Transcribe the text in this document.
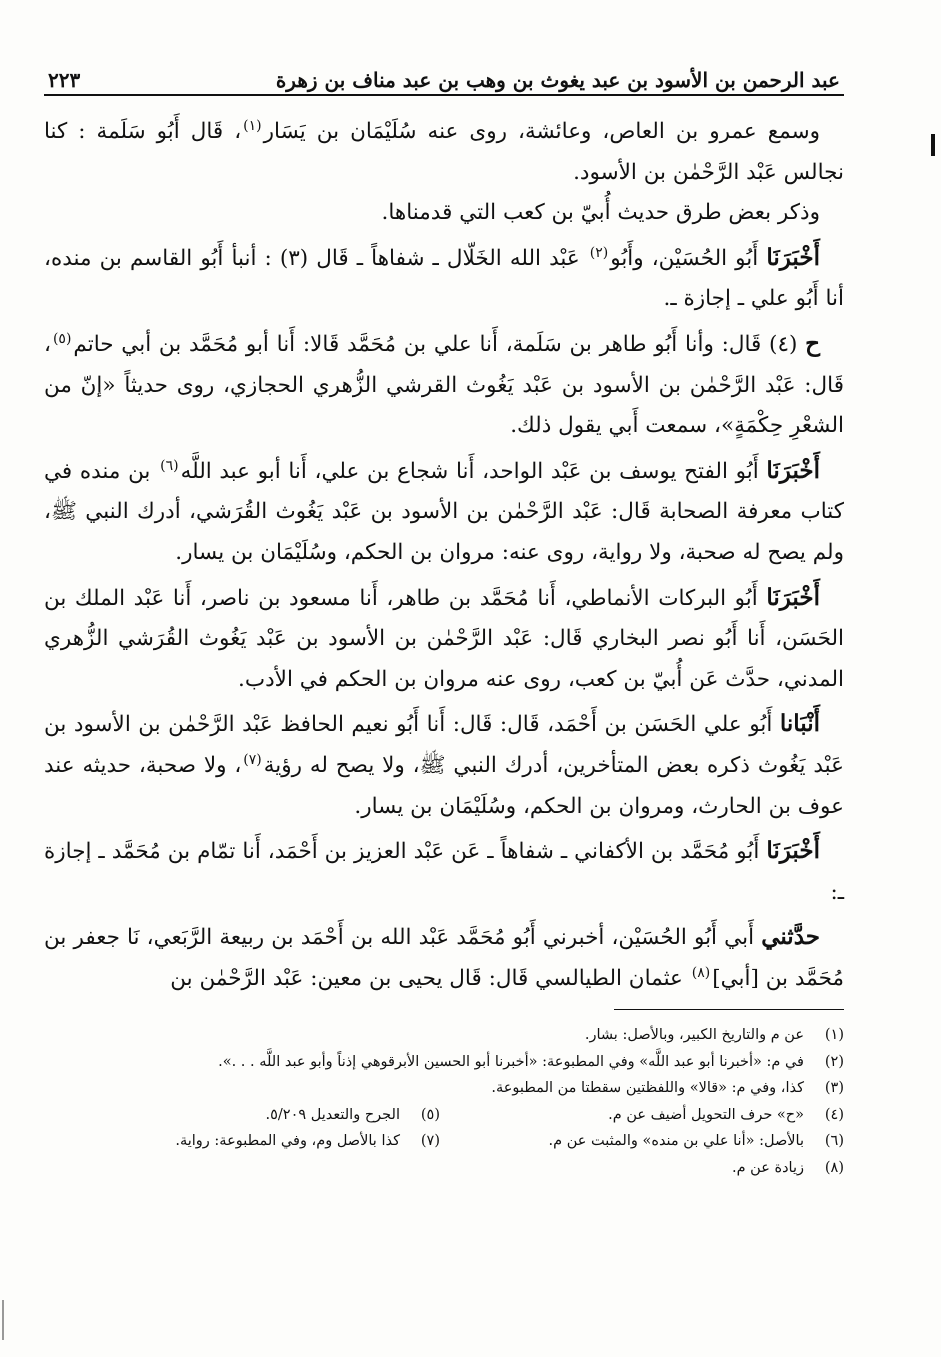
عبد الرحمن بن الأسود بن عبد يغوث بن وهب بن عبد مناف بن زهرة
٢٢٣

وسمع عمرو بن العاص، وعائشة، روى عنه سُلَيْمَان بن يَسَار$^{(١)}$، قَال أَبُو سَلَمة : كنا نجالس عَبْد الرَّحْمٰن بن الأسود.

وذكر بعض طرق حديث أُبيّ بن كعب التي قدمناها.

أَخْبَرَنَا أَبُو الحُسَيْن، وأَبُو$^{(٢)}$ عَبْد الله الخَلّال ـ شفاهاً ـ قَال (٣) : أنبأ أَبُو القاسم بن منده، أنا أَبُو علي ـ إجازة ـ.

ح (٤) قَال: وأنا أَبُو طاهر بن سَلَمة، أَنا علي بن مُحَمَّد قَالا: أَنا أبو مُحَمَّد بن أبي حاتم$^{(٥)}$، قَال: عَبْد الرَّحْمٰن بن الأسود بن عَبْد يَغُوث القرشي الزُّهري الحجازي، روى حديثاً «إنّ من الشعْرِ حِكْمَةٍ»، سمعت أَبي يقول ذلك.

أَخْبَرَنَا أَبُو الفتح يوسف بن عَبْد الواحد، أَنا شجاع بن علي، أَنا أبو عبد اللَّه$^{(٦)}$ بن منده في كتاب معرفة الصحابة قَال: عَبْد الرَّحْمٰن بن الأسود بن عَبْد يَغُوث القُرَشي، أدرك النبي ﷺ، ولم يصح له صحبة، ولا رواية، روى عنه: مروان بن الحكم، وسُلَيْمَان بن يسار.

أَخْبَرَنَا أَبُو البركات الأنماطي، أَنا مُحَمَّد بن طاهر، أَنا مسعود بن ناصر، أَنا عَبْد الملك بن الحَسَن، أَنا أَبُو نصر البخاري قَال: عَبْد الرَّحْمٰن بن الأسود بن عَبْد يَغُوث القُرَشي الزُّهري المدني، حدَّث عَن أُبيّ بن كعب، روى عنه مروان بن الحكم في الأدب.

أَنْبَانا أَبُو علي الحَسَن بن أَحْمَد، قَال: قَال: أَنا أَبُو نعيم الحافظ عَبْد الرَّحْمٰن بن الأسود بن عَبْد يَغُوث ذكره بعض المتأخرين، أدرك النبي ﷺ، ولا يصح له رؤية$^{(٧)}$، ولا صحبة، حديثه عند عوف بن الحارث، ومروان بن الحكم، وسُلَيْمَان بن يسار.

أَخْبَرَنَا أَبُو مُحَمَّد بن الأكفاني ـ شفاهاً ـ عَن عَبْد العزيز بن أَحْمَد، أَنا تمّام بن مُحَمَّد ـ إجازة ـ:

حدَّثني أَبي أَبُو الحُسَيْن، أخبرني أَبُو مُحَمَّد عَبْد الله بن أَحْمَد بن ربيعة الرَّبَعي، نَا جعفر بن مُحَمَّد بن [أبي]$^{(٨)}$ عثمان الطيالسي قَال: قَال يحيى بن معين: عَبْد الرَّحْمٰن بن

(١)
عن م والتاريخ الكبير، وبالأصل: بشار.
(٢)
في م: «أخبرنا أبو عبد اللَّه» وفي المطبوعة: «أخبرنا أبو الحسين الأبرقوهي إذناً وأبو عبد اللَّه . . .».
(٣)
كذا، وفي م: «قالا» واللفظتين سقطتا من المطبوعة.
(٤)
«ح» حرف التحويل أضيف عن م.
(٥)
الجرح والتعديل ٥/٢٠٩.
(٦)
بالأصل: «أنا علي بن منده» والمثبت عن م.
(٧)
كذا بالأصل وم، وفي المطبوعة: رواية.
(٨)
زيادة عن م.
